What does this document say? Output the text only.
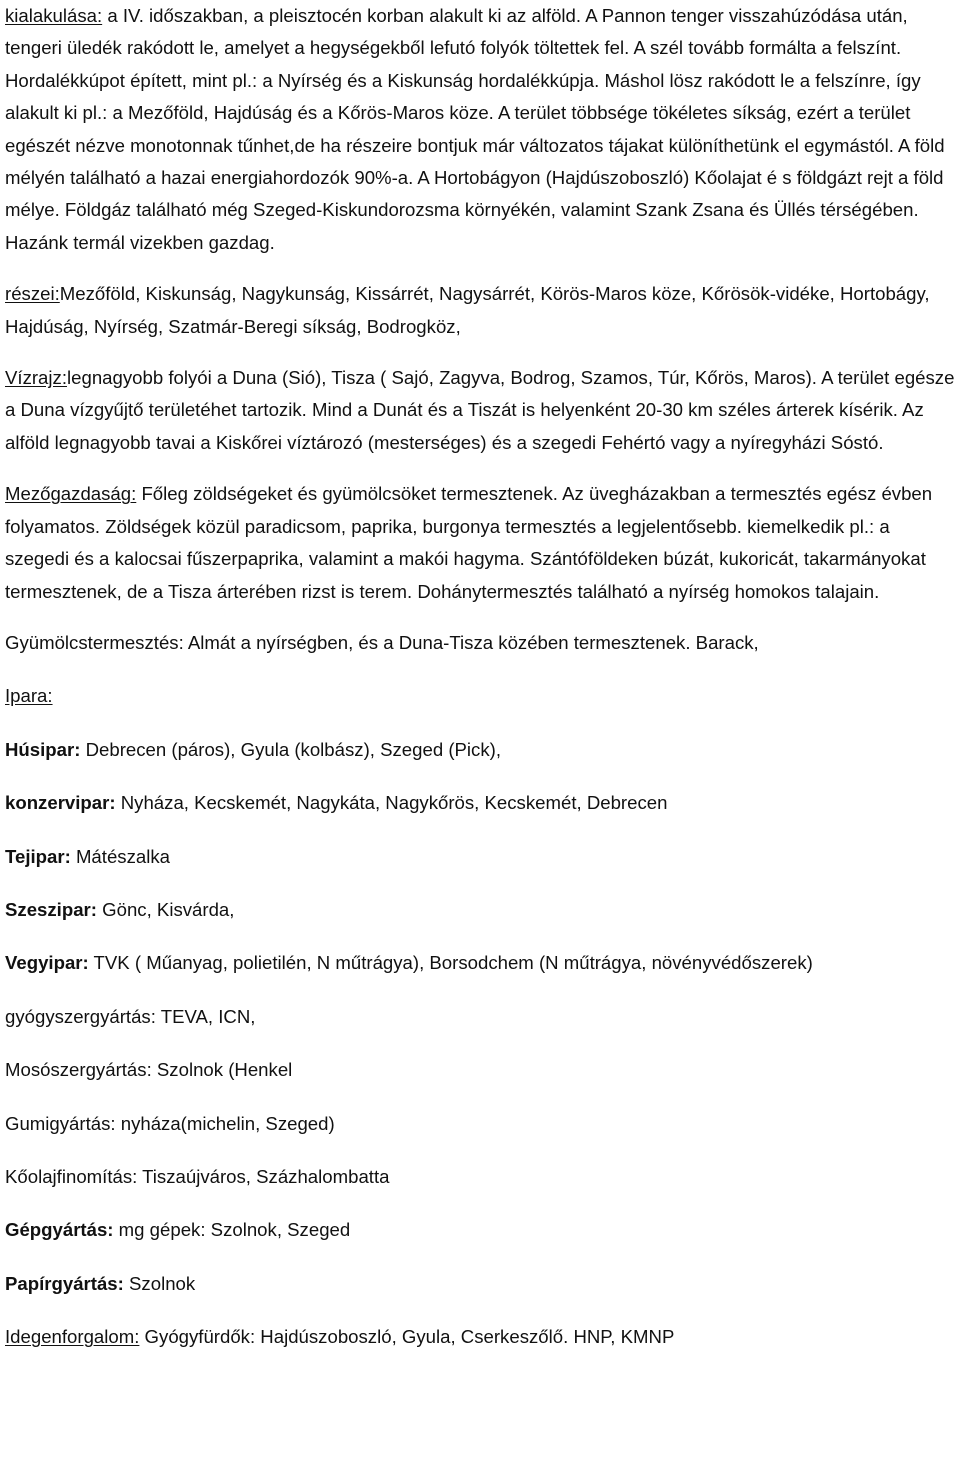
kialakulása: a IV. időszakban, a pleisztocén korban alakult ki az alföld. A Pannon tenger visszahúzódása után, tengeri üledék rakódott le, amelyet a hegységekből lefutó folyók töltettek fel. A szél tovább formálta a felszínt. Hordalékkúpot épített, mint pl.: a Nyírség és a Kiskunság hordalékkúpja. Máshol lösz rakódott le a felszínre, így alakult ki pl.: a Mezőföld, Hajdúság és a Kőrös-Maros köze. A terület többsége tökéletes síkság, ezért a terület egészét nézve monotonnak tűnhet,de ha részeire bontjuk már változatos tájakat különíthetünk el egymástól. A föld mélyén található a hazai energiahordozók 90%-a. A Hortobágyon (Hajdúszoboszló) Kőolajat é s földgázt rejt a föld mélye. Földgáz található még Szeged-Kiskundorozsma környékén, valamint Szank Zsana és Üllés térségében. Hazánk termál vizekben gazdag.

részei:Mezőföld, Kiskunság, Nagykunság, Kissárrét, Nagysárrét, Körös-Maros köze, Kőrösök-vidéke, Hortobágy, Hajdúság, Nyírség, Szatmár-Beregi síkság, Bodrogköz,

Vízrajz:legnagyobb folyói a Duna (Sió), Tisza ( Sajó, Zagyva, Bodrog, Szamos, Túr, Kőrös, Maros). A terület egésze a Duna vízgyűjtő területéhet tartozik. Mind a Dunát és a Tiszát is helyenként 20-30 km széles árterek kísérik. Az alföld legnagyobb tavai a Kiskőrei víztározó (mesterséges) és a szegedi Fehértó vagy a nyíregyházi Sóstó.

Mezőgazdaság: Főleg zöldségeket és gyümölcsöket termesztenek. Az üvegházakban a termesztés egész évben folyamatos. Zöldségek közül paradicsom, paprika, burgonya termesztés a legjelentősebb. kiemelkedik pl.: a szegedi és a kalocsai fűszerpaprika, valamint a makói hagyma. Szántóföldeken búzát, kukoricát, takarmányokat termesztenek, de a Tisza árterében rizst is terem. Dohánytermesztés található a nyírség homokos talajain.

Gyümölcstermesztés: Almát a nyírségben, és a Duna-Tisza közében termesztenek. Barack,

Ipara:

Húsipar: Debrecen (páros), Gyula (kolbász), Szeged (Pick),

konzervipar: Nyháza, Kecskemét, Nagykáta, Nagykőrös, Kecskemét, Debrecen

Tejipar: Mátészalka

Szeszipar: Gönc, Kisvárda,

Vegyipar: TVK ( Műanyag, polietilén, N műtrágya), Borsodchem (N műtrágya, növényvédőszerek)

gyógyszergyártás: TEVA, ICN,

Mosószergyártás: Szolnok (Henkel

Gumigyártás: nyháza(michelin, Szeged)

Kőolajfinomítás: Tiszaújváros, Százhalombatta

Gépgyártás: mg gépek: Szolnok, Szeged

Papírgyártás: Szolnok

Idegenforgalom: Gyógyfürdők: Hajdúszoboszló, Gyula, Cserkeszőlő. HNP, KMNP
